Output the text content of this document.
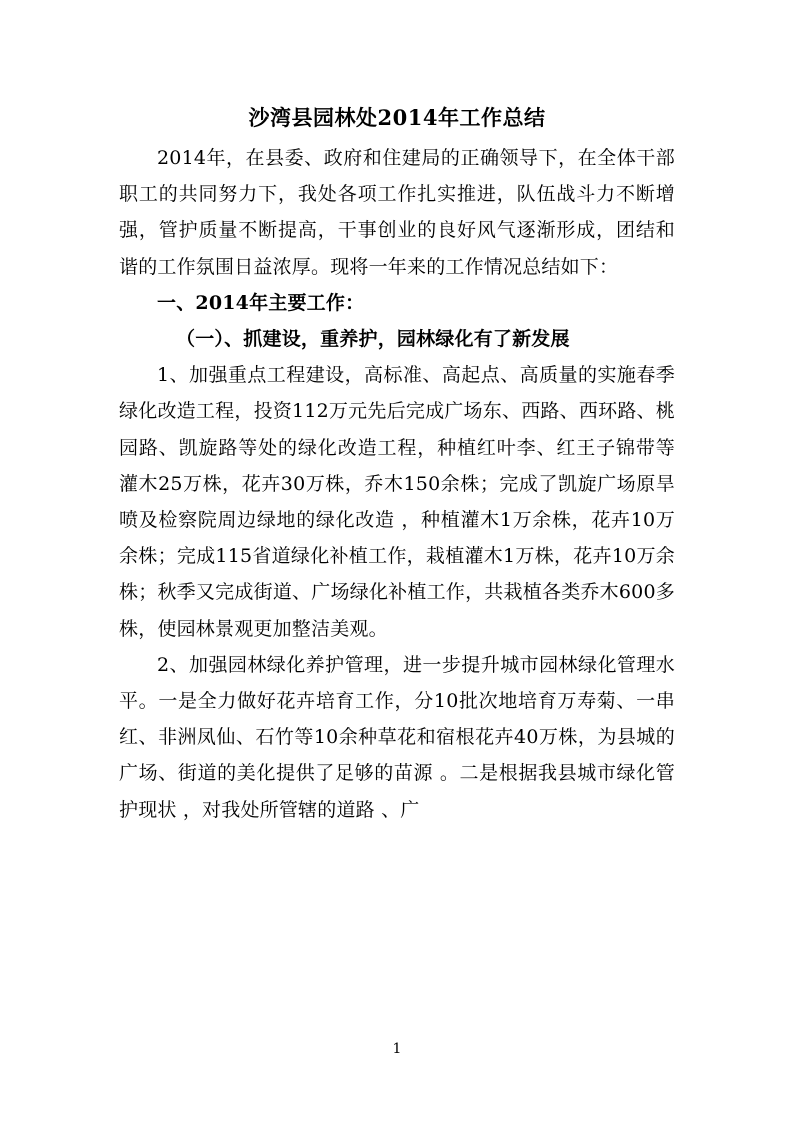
沙湾县园林处2014年工作总结

2014年，在县委、政府和住建局的正确领导下，在全体干部职工的共同努力下，我处各项工作扎实推进，队伍战斗力不断增强，管护质量不断提高，干事创业的良好风气逐渐形成，团结和谐的工作氛围日益浓厚。现将一年来的工作情况总结如下：

一、2014年主要工作：

（一）、抓建设，重养护，园林绿化有了新发展

1、加强重点工程建设，高标准、高起点、高质量的实施春季绿化改造工程，投资112万元先后完成广场东、西路、西环路、桃园路、凯旋路等处的绿化改造工程，种植红叶李、红王子锦带等灌木25万株，花卉30万株，乔木150余株；完成了凯旋广场原旱喷及检察院周边绿地的绿化改造 ，种植灌木1万余株，花卉10万余株；完成115省道绿化补植工作，栽植灌木1万株，花卉10万余株；秋季又完成街道、广场绿化补植工作，共栽植各类乔木600多株，使园林景观更加整洁美观。

2、加强园林绿化养护管理，进一步提升城市园林绿化管理水平。一是全力做好花卉培育工作，分10批次地培育万寿菊、一串红、非洲凤仙、石竹等10余种草花和宿根花卉40万株，为县城的广场、街道的美化提供了足够的苗源 。二是根据我县城市绿化管护现状 ，对我处所管辖的道路 、广

1
